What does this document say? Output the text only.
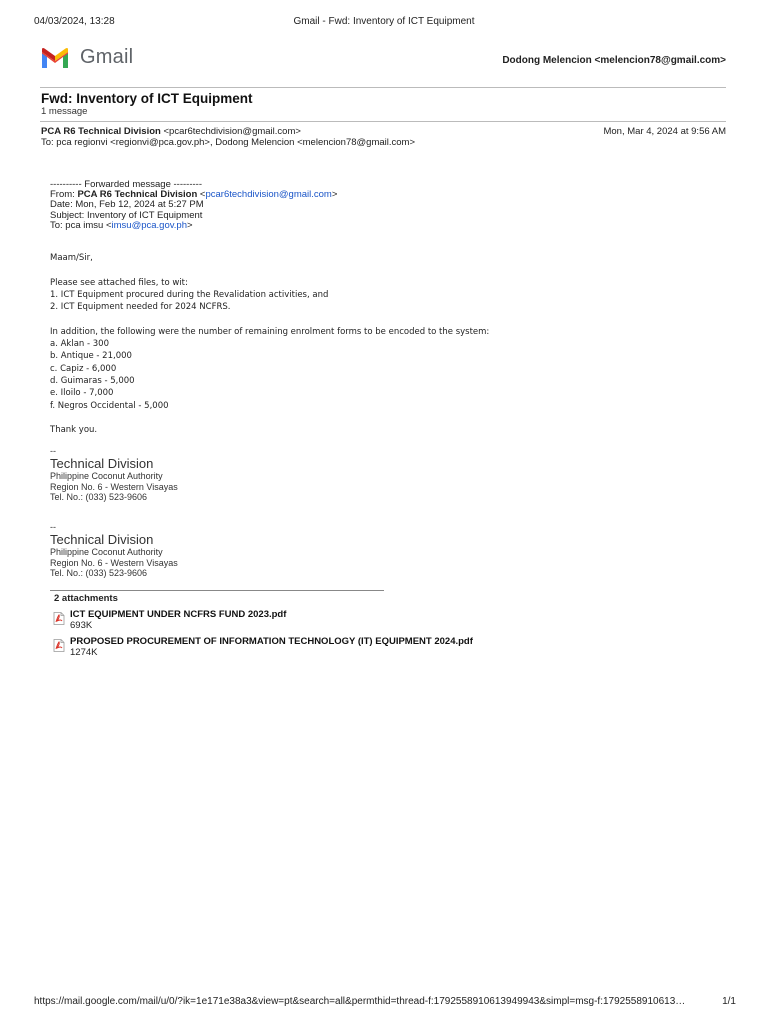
04/03/2024, 13:28	Gmail - Fwd: Inventory of ICT Equipment
Gmail	Dodong Melencion <melencion78@gmail.com>
Fwd: Inventory of ICT Equipment
1 message
PCA R6 Technical Division <pcar6techdivision@gmail.com>	Mon, Mar 4, 2024 at 9:56 AM
To: pca regionvi <regionvi@pca.gov.ph>, Dodong Melencion <melencion78@gmail.com>
---------- Forwarded message ---------
From: PCA R6 Technical Division <pcar6techdivision@gmail.com>
Date: Mon, Feb 12, 2024 at 5:27 PM
Subject: Inventory of ICT Equipment
To: pca imsu <imsu@pca.gov.ph>
Maam/Sir,
Please see attached files, to wit:
1. ICT Equipment procured during the Revalidation activities, and
2. ICT Equipment needed for 2024 NCFRS.
In addition, the following were the number of remaining enrolment forms to be encoded to the system:
a. Aklan - 300
b. Antique - 21,000
c. Capiz - 6,000
d. Guimaras - 5,000
e. Iloilo - 7,000
f. Negros Occidental - 5,000
Thank you.
--
Technical Division
Philippine Coconut Authority
Region No. 6 - Western Visayas
Tel. No.: (033) 523-9606
--
Technical Division
Philippine Coconut Authority
Region No. 6 - Western Visayas
Tel. No.: (033) 523-9606
2 attachments
ICT EQUIPMENT UNDER NCFRS FUND 2023.pdf
693K
PROPOSED PROCUREMENT OF INFORMATION TECHNOLOGY (IT) EQUIPMENT 2024.pdf
1274K
https://mail.google.com/mail/u/0/?ik=1e171e38a3&view=pt&search=all&permthid=thread-f:1792558910613949943&simpl=msg-f:1792558910613…	1/1
